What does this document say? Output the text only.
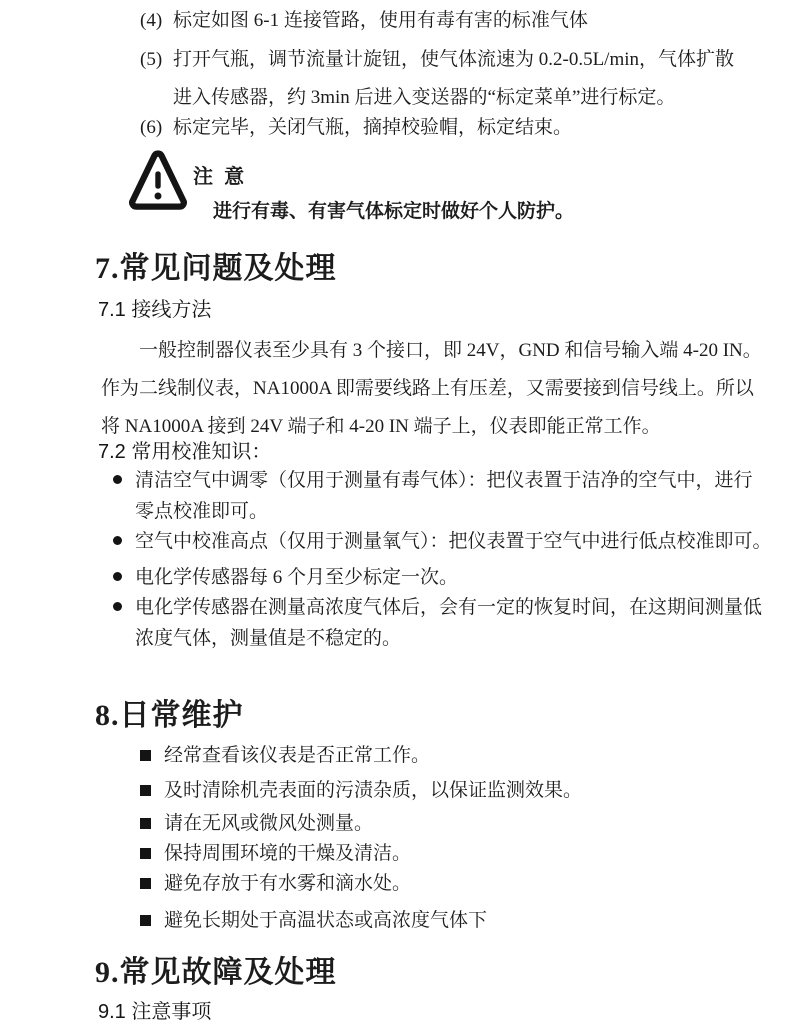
(4) 标定如图 6-1 连接管路，使用有毒有害的标准气体
(5) 打开气瓶，调节流量计旋钮，使气体流速为 0.2-0.5L/min，气体扩散
进入传感器，约 3min 后进入变送器的“标定菜单”进行标定。
(6) 标定完毕，关闭气瓶，摘掉校验帽，标定结束。
注  意
进行有毒、有害气体标定时做好个人防护。
7.常见问题及处理
7.1 接线方法
一般控制器仪表至少具有 3 个接口，即 24V，GND 和信号输入端 4-20 IN。
作为二线制仪表，NA1000A 即需要线路上有压差，又需要接到信号线上。所以
将 NA1000A 接到 24V 端子和 4-20 IN 端子上，仪表即能正常工作。
7.2 常用校准知识：
清洁空气中调零（仅用于测量有毒气体）：把仪表置于洁净的空气中，进行
零点校准即可。
空气中校准高点（仅用于测量氧气）：把仪表置于空气中进行低点校准即可。
电化学传感器每 6 个月至少标定一次。
电化学传感器在测量高浓度气体后，会有一定的恢复时间，在这期间测量低
浓度气体，测量值是不稳定的。
8.日常维护
经常查看该仪表是否正常工作。
及时清除机壳表面的污渍杂质，以保证监测效果。
请在无风或微风处测量。
保持周围环境的干燥及清洁。
避免存放于有水雾和滴水处。
避免长期处于高温状态或高浓度气体下
9.常见故障及处理
9.1 注意事项
